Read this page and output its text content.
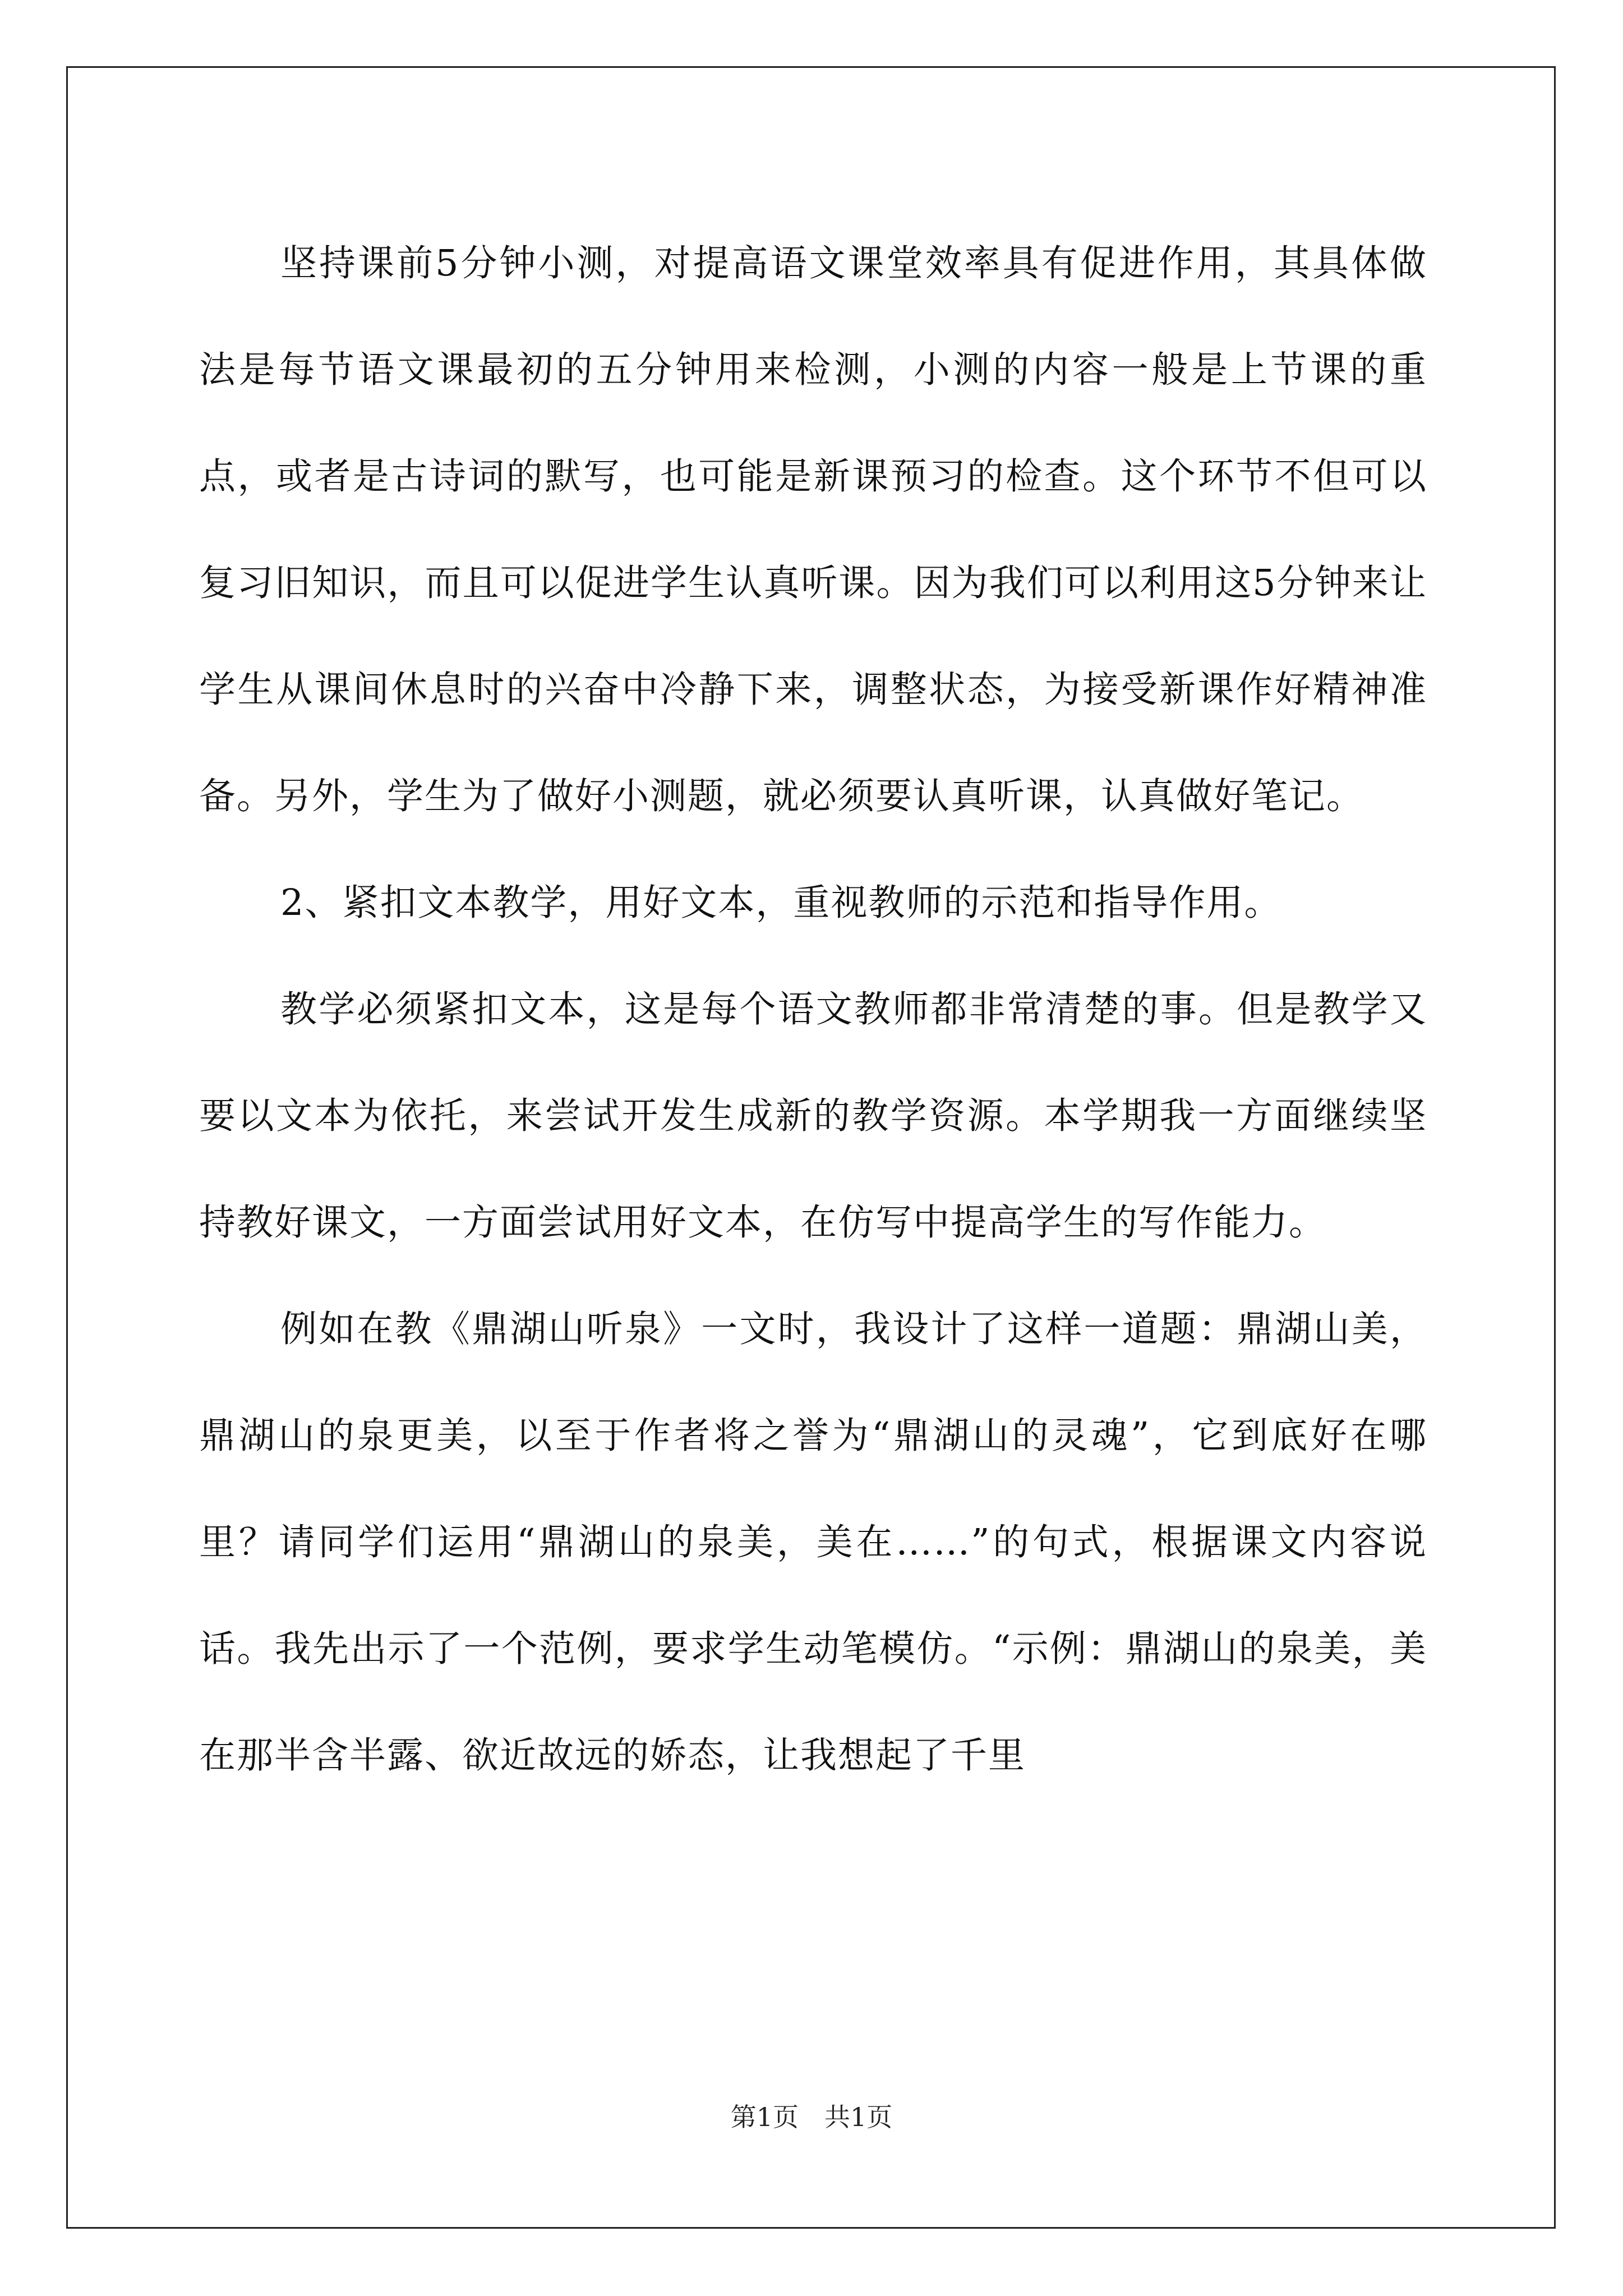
坚持课前5分钟小测，对提高语文课堂效率具有促进作用，其具体做法是每节语文课最初的五分钟用来检测，小测的内容一般是上节课的重点，或者是古诗词的默写，也可能是新课预习的检查。这个环节不但可以复习旧知识，而且可以促进学生认真听课。因为我们可以利用这5分钟来让学生从课间休息时的兴奋中冷静下来，调整状态，为接受新课作好精神准备。另外，学生为了做好小测题，就必须要认真听课，认真做好笔记。

2、紧扣文本教学，用好文本，重视教师的示范和指导作用。

教学必须紧扣文本，这是每个语文教师都非常清楚的事。但是教学又要以文本为依托，来尝试开发生成新的教学资源。本学期我一方面继续坚持教好课文，一方面尝试用好文本，在仿写中提高学生的写作能力。

例如在教《鼎湖山听泉》一文时，我设计了这样一道题：鼎湖山美，鼎湖山的泉更美，以至于作者将之誉为“鼎湖山的灵魂”，它到底好在哪里？请同学们运用“鼎湖山的泉美，美在……”的句式，根据课文内容说话。我先出示了一个范例，要求学生动笔模仿。“示例：鼎湖山的泉美，美在那半含半露、欲近故远的娇态，让我想起了千里

第1页　共1页
